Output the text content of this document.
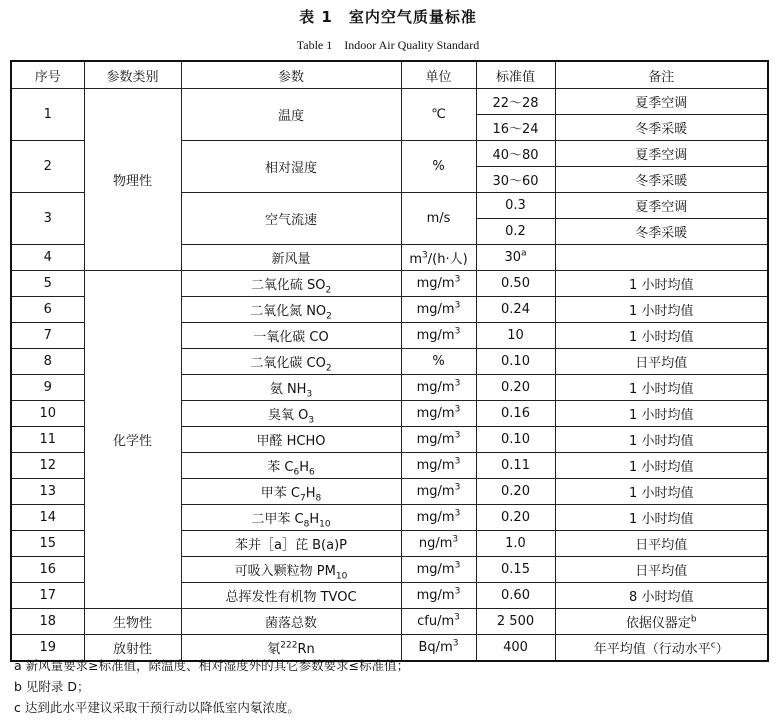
表 1　室内空气质量标准
Table 1　Indoor Air Quality Standard
序号	参数类别	参数	单位	标准值	备注
1	物理性	温度	℃	22～28	夏季空调
				16～24	冬季采暖
2		相对湿度	%	40～80	夏季空调
				30～60	冬季采暖
3		空气流速	m/s	0.3	夏季空调
				0.2	冬季采暖
4		新风量	$m^3/(h\cdot$人)	30$^a$	
5	化学性	二氧化硫 $SO_2$	$mg/m^3$	0.50	1 小时均值
6		二氧化氮 $NO_2$	$mg/m^3$	0.24	1 小时均值
7		一氧化碳 CO	$mg/m^3$	10	1 小时均值
8		二氧化碳 $CO_2$	%	0.10	日平均值
9		氨 $NH_3$	$mg/m^3$	0.20	1 小时均值
10		臭氧 $O_3$	$mg/m^3$	0.16	1 小时均值
11		甲醛 HCHO	$mg/m^3$	0.10	1 小时均值
12		苯 $C_6H_6$	$mg/m^3$	0.11	1 小时均值
13		甲苯 $C_7H_8$	$mg/m^3$	0.20	1 小时均值
14		二甲苯 $C_8H_{10}$	$mg/m^3$	0.20	1 小时均值
15		苯并［a］芘 B(a)P	$ng/m^3$	1.0	日平均值
16		可吸入颗粒物 $PM_{10}$	$mg/m^3$	0.15	日平均值
17		总挥发性有机物 TVOC	$mg/m^3$	0.60	8 小时均值
18	生物性	菌落总数	cfu/$m^3$	2 500	依据仪器定$^b$
19	放射性	氡$^{222}$Rn	$Bq/m^3$	400	年平均值（行动水平$^c$）
a 新风量要求≥标准值，除温度、相对湿度外的其它参数要求≤标准值；
b 见附录 D；
c 达到此水平建议采取干预行动以降低室内氡浓度。
